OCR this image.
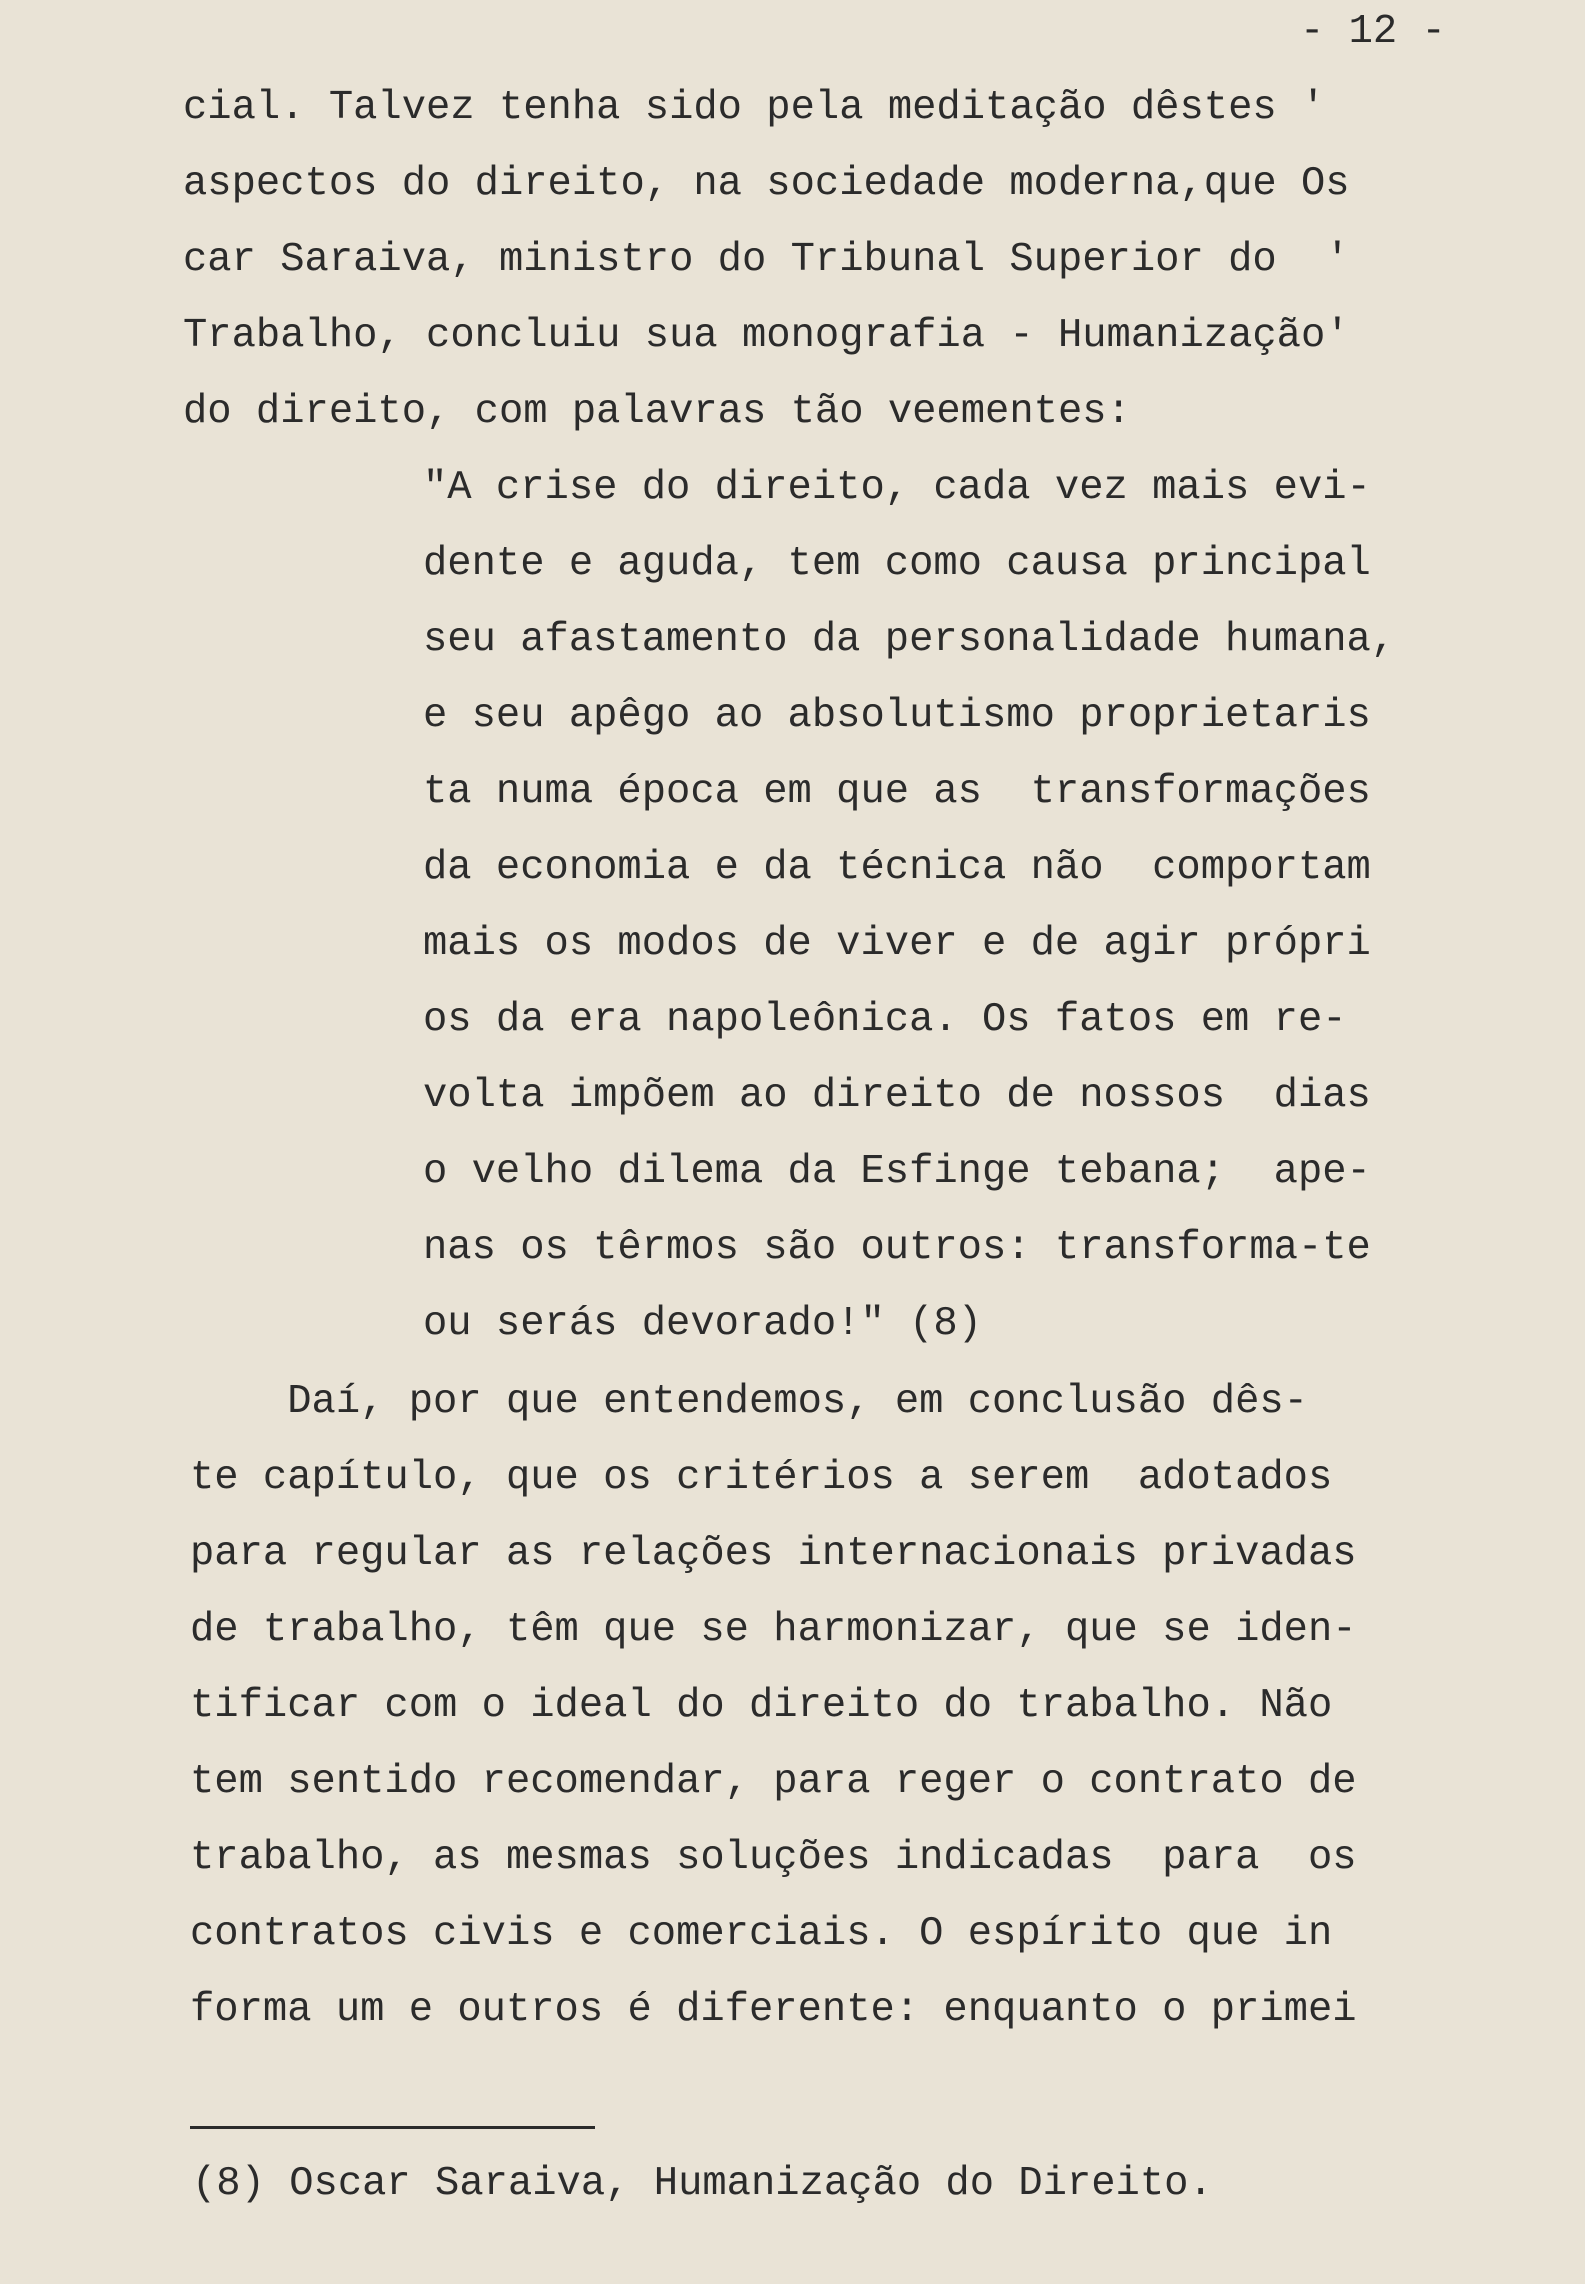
- 12 -
cial. Talvez tenha sido pela meditação dêstes '
aspectos do direito, na sociedade moderna,que Os
car Saraiva, ministro do Tribunal Superior do  '
Trabalho, concluiu sua monografia - Humanização'
do direito, com palavras tão veementes:
"A crise do direito, cada vez mais evi-
dente e aguda, tem como causa principal
seu afastamento da personalidade humana,
e seu apêgo ao absolutismo proprietaris
ta numa época em que as  transformações
da economia e da técnica não  comportam
mais os modos de viver e de agir própri
os da era napoleônica. Os fatos em re-
volta impõem ao direito de nossos  dias
o velho dilema da Esfinge tebana;  ape-
nas os têrmos são outros: transforma-te
ou serás devorado!" (8)
Daí, por que entendemos, em conclusão dês-
te capítulo, que os critérios a serem  adotados
para regular as relações internacionais privadas
de trabalho, têm que se harmonizar, que se iden-
tificar com o ideal do direito do trabalho. Não
tem sentido recomendar, para reger o contrato de
trabalho, as mesmas soluções indicadas  para  os
contratos civis e comerciais. O espírito que in
forma um e outros é diferente: enquanto o primei
(8) Oscar Saraiva, Humanização do Direito.
